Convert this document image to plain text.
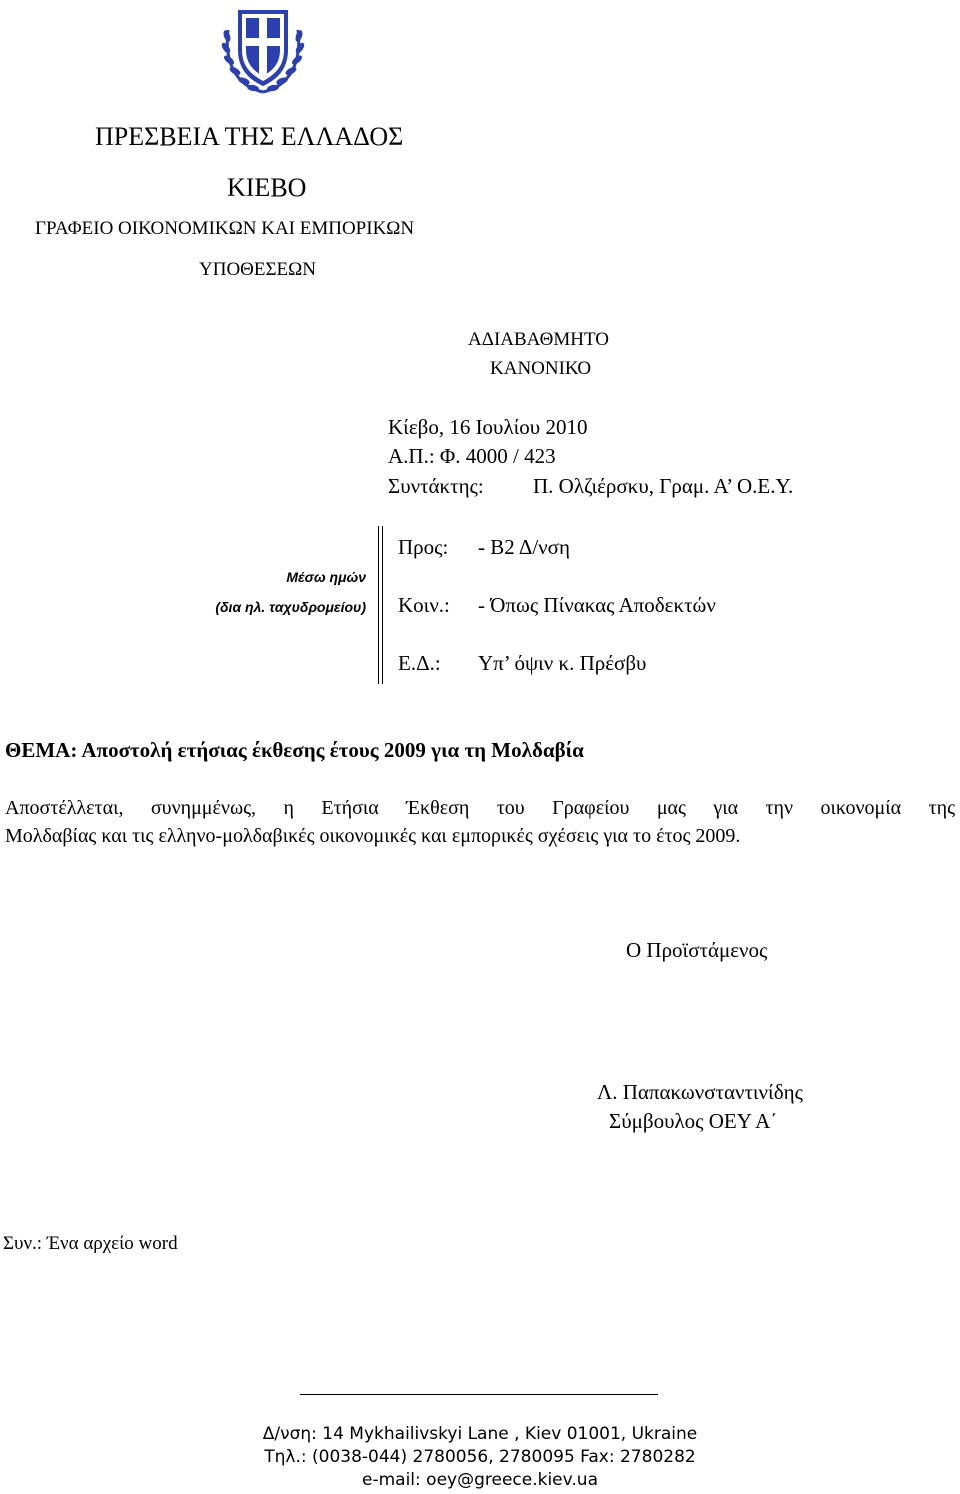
ΠΡΕΣΒΕΙΑ ΤΗΣ ΕΛΛΑΔΟΣ
ΚΙΕΒΟ
ΓΡΑΦΕΙΟ ΟΙΚΟΝΟΜΙΚΩΝ ΚΑΙ ΕΜΠΟΡΙΚΩΝ
ΥΠΟΘΕΣΕΩΝ
ΑΔΙΑΒΑΘΜΗΤΟ
ΚΑΝΟΝΙΚΟ
Κίεβο, 16 Ιουλίου 2010
Α.Π.: Φ. 4000 / 423
Συντάκτης: Π. Ολζιέρσκυ, Γραμ. Α’ Ο.Ε.Υ.
Μέσω ημών
(δια ηλ. ταχυδρομείου)
Προς: - Β2 Δ/νση
Κοιν.: - Όπως Πίνακας Αποδεκτών
Ε.Δ.: Υπ’ όψιν κ. Πρέσβυ
ΘΕΜΑ: Αποστολή ετήσιας έκθεσης έτους 2009 για τη Μολδαβία
Αποστέλλεται, συνημμένως, η Ετήσια Έκθεση του Γραφείου μας για την οικονομία της
Μολδαβίας και τις ελληνο-μολδαβικές οικονομικές και εμπορικές σχέσεις για το έτος 2009.
Ο Προϊστάμενος
Λ. Παπακωνσταντινίδης
Σύμβουλος ΟΕΥ Α΄
Συν.: Ένα αρχείο word
Δ/νση: 14 Mykhailivskyi Lane , Kiev 01001, Ukraine
Τηλ.: (0038-044) 2780056, 2780095 Fax: 2780282
e-mail: oey@greece.kiev.ua
